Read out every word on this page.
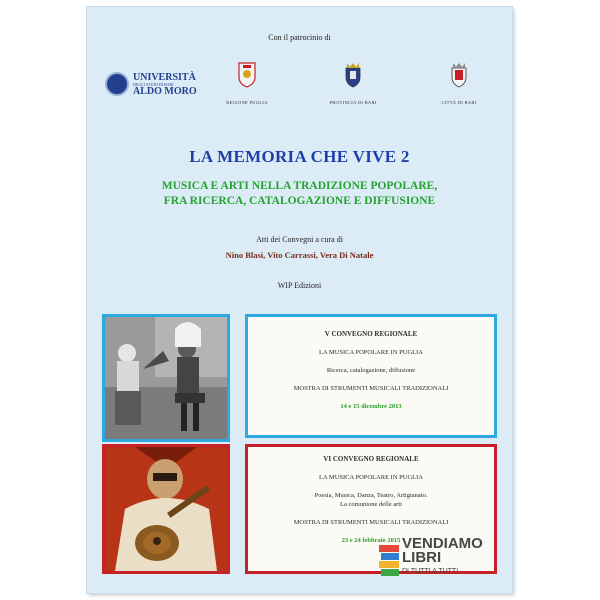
Con il patrocinio di
UNIVERSITÀ
DEGLI STUDI DI BARI
ALDO MORO
REGIONE PUGLIA	PROVINCIA DI BARI	CITTÀ DI BARI
LA MEMORIA CHE VIVE 2
MUSICA E ARTI NELLA TRADIZIONE POPOLARE,
FRA RICERCA, CATALOGAZIONE E DIFFUSIONE
Atti dei Convegni a cura di
Nino Blasi, Vito Carrassi, Vera Di Natale
WIP Edizioni
V CONVEGNO REGIONALE
LA MUSICA POPOLARE IN PUGLIA
Ricerca, catalogazione, diffusione
MOSTRA DI STRUMENTI MUSICALI TRADIZIONALI
14 e 15 dicembre 2013
VI CONVEGNO REGIONALE
LA MUSICA POPOLARE IN PUGLIA
Poesia, Musica, Danza, Teatro, Artigianato.
La comunione delle arti
MOSTRA DI STRUMENTI MUSICALI TRADIZIONALI
23 e 24 febbraio 2015 VENDIAMO
LIBRI
DI TUTTI A TUTTI
